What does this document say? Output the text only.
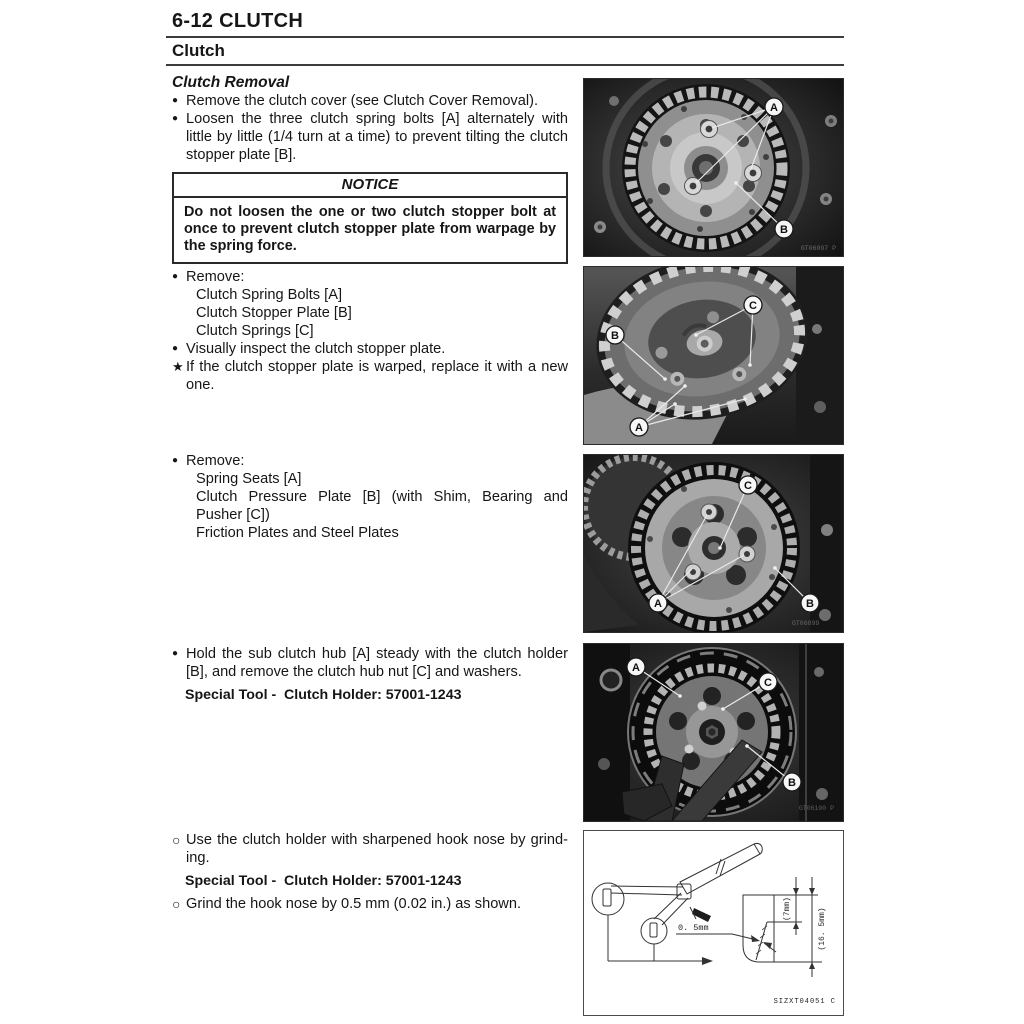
6-12 CLUTCH
Clutch
Clutch Removal

● Remove the clutch cover (see Clutch Cover Removal).

● Loosen the three clutch spring bolts [A] alternately with little by little (1/4 turn at a time) to prevent tilting the clutch stopper plate [B].

NOTICE
Do not loosen the one or two clutch stopper bolt at once to prevent clutch stopper plate from warpage by the spring force.

● Remove:

Clutch Spring Bolts [A]

Clutch Stopper Plate [B]

Clutch Springs [C]

● Visually inspect the clutch stopper plate.

★ If the clutch stopper plate is warped, replace it with a new one.

● Remove:

Spring Seats [A]

Clutch Pressure Plate [B] (with Shim, Bearing and Pusher [C])

Friction Plates and Steel Plates

● Hold the sub clutch hub [A] steady with the clutch holder [B], and remove the clutch hub nut [C] and washers.

Special Tool -  Clutch Holder: 57001-1243

○ Use the clutch holder with sharpened hook nose by grinding.

Special Tool -  Clutch Holder: 57001-1243

○ Grind the hook nose by 0.5 mm (0.02 in.) as shown.

A
B
GT06097 P
B
C
A
C
A	B
GT06899
A
C
B
GT06100 P
0. 5mm
(7mm)	(16. 5mm)
SIZXT04051 C
